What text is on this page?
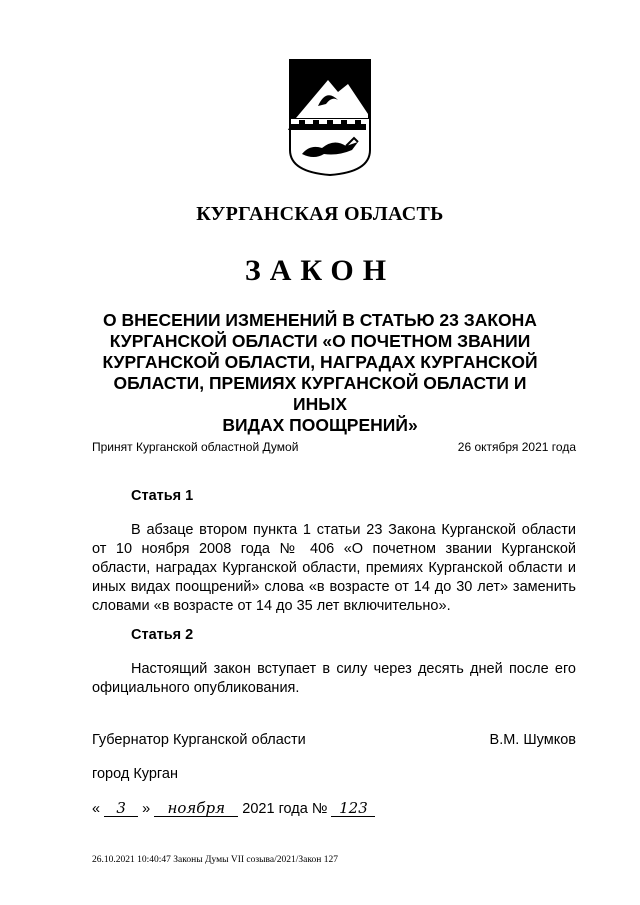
КУРГАНСКАЯ ОБЛАСТЬ
ЗАКОН
О ВНЕСЕНИИ ИЗМЕНЕНИЙ В СТАТЬЮ 23 ЗАКОНА
КУРГАНСКОЙ ОБЛАСТИ «О ПОЧЕТНОМ ЗВАНИИ
КУРГАНСКОЙ ОБЛАСТИ, НАГРАДАХ КУРГАНСКОЙ
ОБЛАСТИ, ПРЕМИЯХ КУРГАНСКОЙ ОБЛАСТИ И ИНЫХ
ВИДАХ ПООЩРЕНИЙ»
Принят Курганской областной Думой	26 октября 2021 года
Статья 1

В абзаце втором пункта 1 статьи 23 Закона Курганской области от 10 ноября 2008 года № 406 «О почетном звании Курганской области, наградах Курганской области, премиях Курганской области и иных видах поощрений» слова «в возрасте от 14 до 30 лет» заменить словами «в возрасте от 14 до 35 лет включительно».

Статья 2

Настоящий закон вступает в силу через десять дней после его официального опубликования.

Губернатор Курганской области	В.М. Шумков
город Курган
« 3 » ноября 2021 года № 123
26.10.2021 10:40:47 Законы Думы VII созыва/2021/Закон 127
